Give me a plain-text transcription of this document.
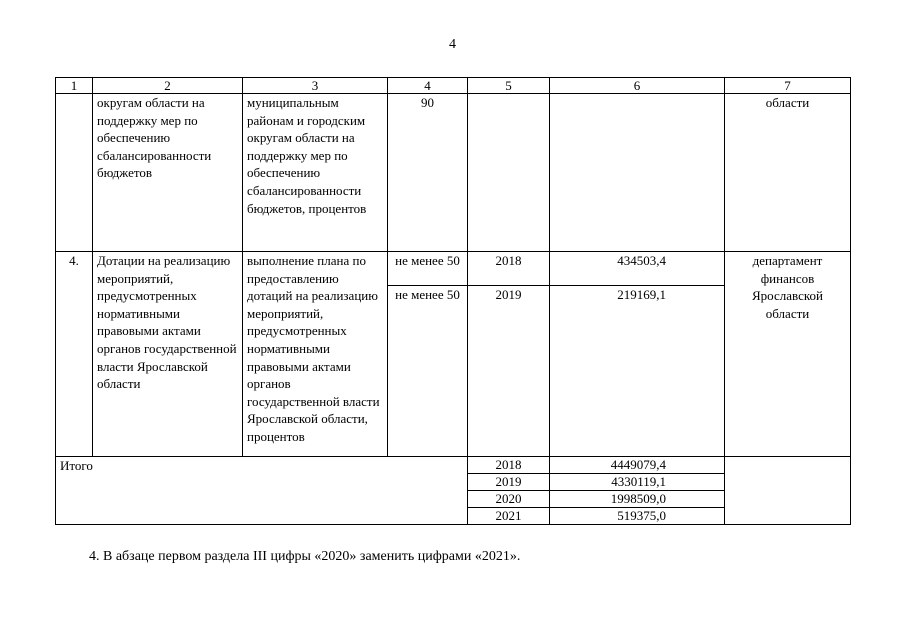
4
1	2	3	4	5	6	7
	округам области на поддержку мер по обеспечению сбалансированности бюджетов	муниципальным районам и городским округам области на поддержку мер по обеспечению сбалансированности бюджетов, процентов	90			области
4.	Дотации на реализацию мероприятий, предусмотренных нормативными правовыми актами органов государственной власти Ярославской области	выполнение плана по предоставлению дотаций на реализацию мероприятий, предусмотренных нормативными правовыми актами органов государственной власти Ярославской области, процентов	не менее 50	2018	434503,4	департамент финансов Ярославской области
			не менее 50	2019	219169,1	
Итого				2018	4449079,4	
				2019	4330119,1	
				2020	1998509,0	
				2021	519375,0	
4. В абзаце первом раздела III цифры «2020» заменить цифрами «2021».
